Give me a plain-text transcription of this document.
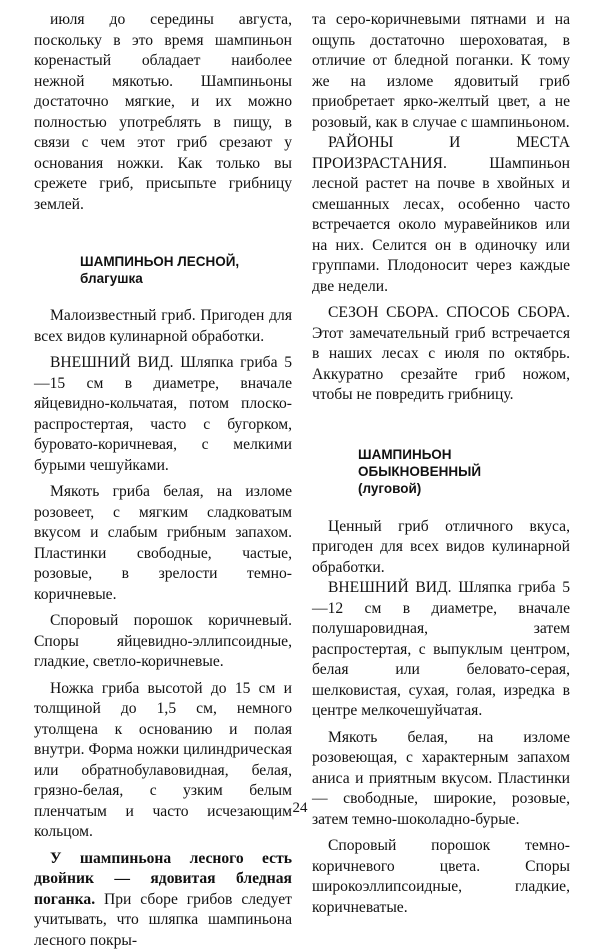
июля до середины августа, поскольку в это время шампиньон коренастый обладает наиболее нежной мякотью. Шампиньоны достаточно мягкие, и их можно полностью употреблять в пищу, в связи с чем этот гриб срезают у основания ножки. Как только вы срежете гриб, присыпьте грибницу землей.

ШАМПИНЬОН ЛЕСНОЙ,
благушка

Малоизвестный гриб. Пригоден для всех видов кулинарной обработки.

ВНЕШНИЙ ВИД. Шляпка гриба 5—15 см в диаметре, вначале яйцевидно-кольчатая, потом плоско-распростертая, часто с бугорком, буровато-коричневая, с мелкими бурыми чешуйками.

Мякоть гриба белая, на изломе розовеет, с мягким сладковатым вкусом и слабым грибным запахом. Пластинки свободные, частые, розовые, в зрелости темно-коричневые.

Споровый порошок коричневый. Споры яйцевидно-эллипсоидные, гладкие, светло-коричневые.

Ножка гриба высотой до 15 см и толщиной до 1,5 см, немного утолщена к основанию и полая внутри. Форма ножки цилиндрическая или обратнобулавовидная, белая, грязно-белая, с узким белым пленчатым и часто исчезающим кольцом.

У шампиньона лесного есть двойник — ядовитая бледная поганка. При сборе грибов следует учитывать, что шляпка шампиньона лесного покры-

та серо-коричневыми пятнами и на ощупь достаточно шероховатая, в отличие от бледной поганки. К тому же на изломе ядовитый гриб приобретает ярко-желтый цвет, а не розовый, как в случае с шампиньоном.

РАЙОНЫ И МЕСТА ПРОИЗРАСТАНИЯ. Шампиньон лесной растет на почве в хвойных и смешанных лесах, особенно часто встречается около муравейников или на них. Селится он в одиночку или группами. Плодоносит через каждые две недели.

СЕЗОН СБОРА. СПОСОБ СБОРА. Этот замечательный гриб встречается в наших лесах с июля по октябрь. Аккуратно срезайте гриб ножом, чтобы не повредить грибницу.

ШАМПИНЬОН
ОБЫКНОВЕННЫЙ
(луговой)

Ценный гриб отличного вкуса, пригоден для всех видов кулинарной обработки.

ВНЕШНИЙ ВИД. Шляпка гриба 5—12 см в диаметре, вначале полушаровидная, затем распростертая, с выпуклым центром, белая или беловато-серая, шелковистая, сухая, голая, изредка в центре мелкочешуйчатая.

Мякоть белая, на изломе розовеющая, с характерным запахом аниса и приятным вкусом. Пластинки — свободные, широкие, розовые, затем темно-шоколадно-бурые.

Споровый порошок темно-коричневого цвета. Споры широкоэллипсоидные, гладкие, коричневатые.

24
